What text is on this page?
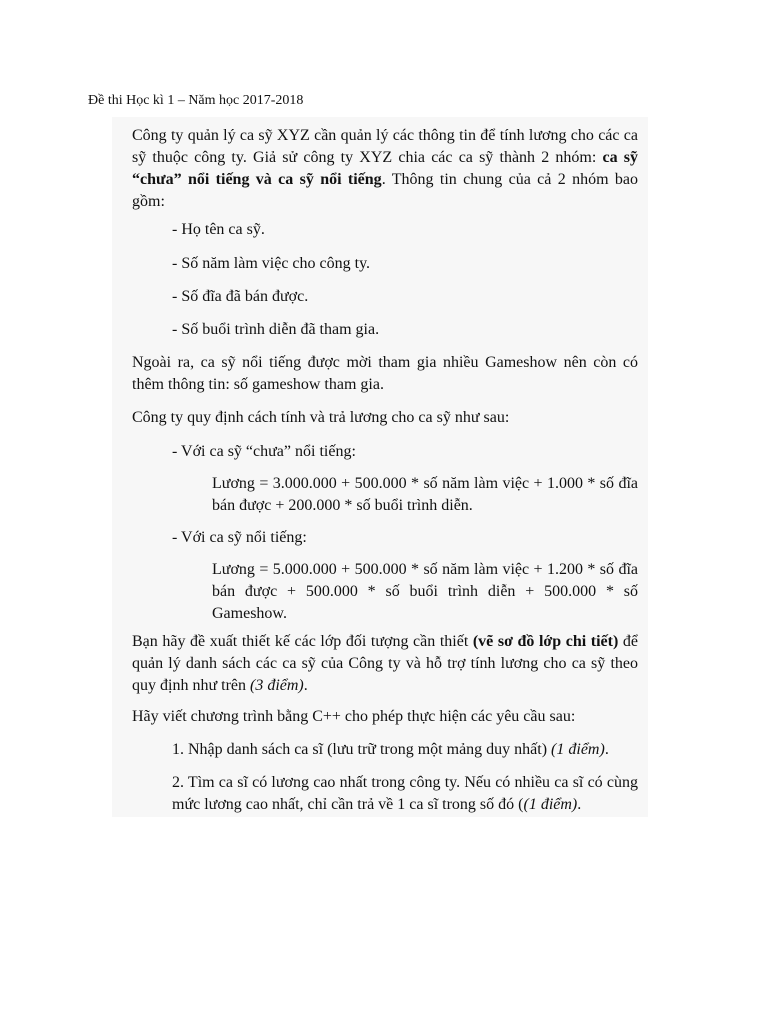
Đề thi Học kì 1 – Năm học 2017-2018
Công ty quản lý ca sỹ XYZ cần quản lý các thông tin để tính lương cho các ca sỹ thuộc công ty. Giả sử công ty XYZ chia các ca sỹ thành 2 nhóm: ca sỹ “chưa” nổi tiếng và ca sỹ nổi tiếng. Thông tin chung của cả 2 nhóm bao gồm:
- Họ tên ca sỹ.
- Số năm làm việc cho công ty.
- Số đĩa đã bán được.
- Số buổi trình diễn đã tham gia.
Ngoài ra, ca sỹ nổi tiếng được mời tham gia nhiều Gameshow nên còn có thêm thông tin: số gameshow tham gia.
Công ty quy định cách tính và trả lương cho ca sỹ như sau:
- Với ca sỹ “chưa” nổi tiếng:
Lương = 3.000.000 + 500.000 * số năm làm việc + 1.000 * số đĩa bán được + 200.000 * số buổi trình diễn.
- Với ca sỹ nổi tiếng:
Lương = 5.000.000 + 500.000 * số năm làm việc + 1.200 * số đĩa bán được + 500.000 * số buổi trình diễn + 500.000 * số Gameshow.
Bạn hãy đề xuất thiết kế các lớp đối tượng cần thiết (vẽ sơ đồ lớp chi tiết) để quản lý danh sách các ca sỹ của Công ty và hỗ trợ tính lương cho ca sỹ theo quy định như trên (3 điểm).
Hãy viết chương trình bằng C++ cho phép thực hiện các yêu cầu sau:
1. Nhập danh sách ca sĩ (lưu trữ trong một mảng duy nhất) (1 điểm).
2. Tìm ca sĩ có lương cao nhất trong công ty. Nếu có nhiều ca sĩ có cùng mức lương cao nhất, chỉ cần trả về 1 ca sĩ trong số đó ((1 điểm).
